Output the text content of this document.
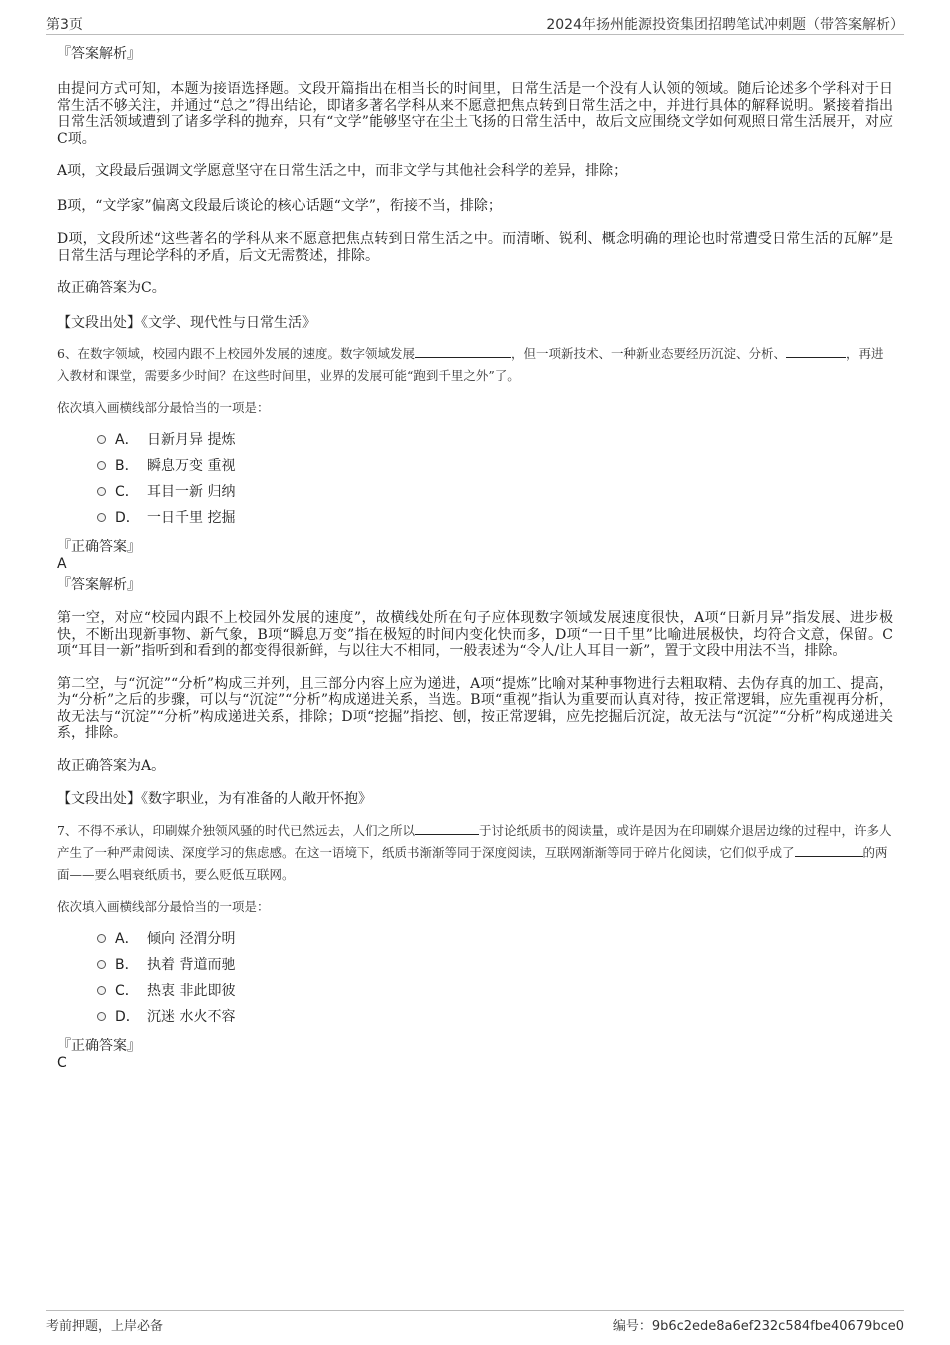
第3页	2024年扬州能源投资集团招聘笔试冲刺题（带答案解析）

『答案解析』

由提问方式可知，本题为接语选择题。文段开篇指出在相当长的时间里，日常生活是一个没有人认领的领域。随后论述多个学科对于日常生活不够关注，并通过“总之”得出结论，即诸多著名学科从来不愿意把焦点转到日常生活之中，并进行具体的解释说明。紧接着指出日常生活领域遭到了诸多学科的抛弃，只有“文学”能够坚守在尘土飞扬的日常生活中，故后文应围绕文学如何观照日常生活展开，对应C项。

A项，文段最后强调文学愿意坚守在日常生活之中，而非文学与其他社会科学的差异，排除；

B项，“文学家”偏离文段最后谈论的核心话题“文学”，衔接不当，排除；

D项，文段所述“这些著名的学科从来不愿意把焦点转到日常生活之中。而清晰、锐利、概念明确的理论也时常遭受日常生活的瓦解”是日常生活与理论学科的矛盾，后文无需赘述，排除。

故正确答案为C。

【文段出处】《文学、现代性与日常生活》

6、在数字领域，校园内跟不上校园外发展的速度。数字领域发展	，但一项新技术、一种新业态要经历沉淀、分析、	，再进入教材和课堂，需要多少时间？在这些时间里，业界的发展可能“跑到千里之外”了。

依次填入画横线部分最恰当的一项是：

A． 日新月异 提炼
B． 瞬息万变 重视
C． 耳目一新 归纳
D． 一日千里 挖掘

『正确答案』

A

『答案解析』

第一空，对应“校园内跟不上校园外发展的速度”，故横线处所在句子应体现数字领域发展速度很快，A项“日新月异”指发展、进步极快，不断出现新事物、新气象，B项“瞬息万变”指在极短的时间内变化快而多，D项“一日千里”比喻进展极快，均符合文意，保留。C项“耳目一新”指听到和看到的都变得很新鲜，与以往大不相同，一般表述为“令人/让人耳目一新”，置于文段中用法不当，排除。

第二空，与“沉淀”“分析”构成三并列，且三部分内容上应为递进，A项“提炼”比喻对某种事物进行去粗取精、去伪存真的加工、提高，为“分析”之后的步骤，可以与“沉淀”“分析”构成递进关系，当选。B项“重视”指认为重要而认真对待，按正常逻辑，应先重视再分析，故无法与“沉淀”“分析”构成递进关系，排除；D项“挖掘”指挖、刨，按正常逻辑，应先挖掘后沉淀，故无法与“沉淀”“分析”构成递进关系，排除。

故正确答案为A。

【文段出处】《数字职业，为有准备的人敞开怀抱》

7、不得不承认，印刷媒介独领风骚的时代已然远去，人们之所以	于讨论纸质书的阅读量，或许是因为在印刷媒介退居边缘的过程中，许多人产生了一种严肃阅读、深度学习的焦虑感。在这一语境下，纸质书渐渐等同于深度阅读，互联网渐渐等同于碎片化阅读，它们似乎成了	的两面——要么唱衰纸质书，要么贬低互联网。

依次填入画横线部分最恰当的一项是：

A． 倾向 泾渭分明
B． 执着 背道而驰
C． 热衷 非此即彼
D． 沉迷 水火不容

『正确答案』

C

考前押题，上岸必备	编号：9b6c2ede8a6ef232c584fbe40679bce0
